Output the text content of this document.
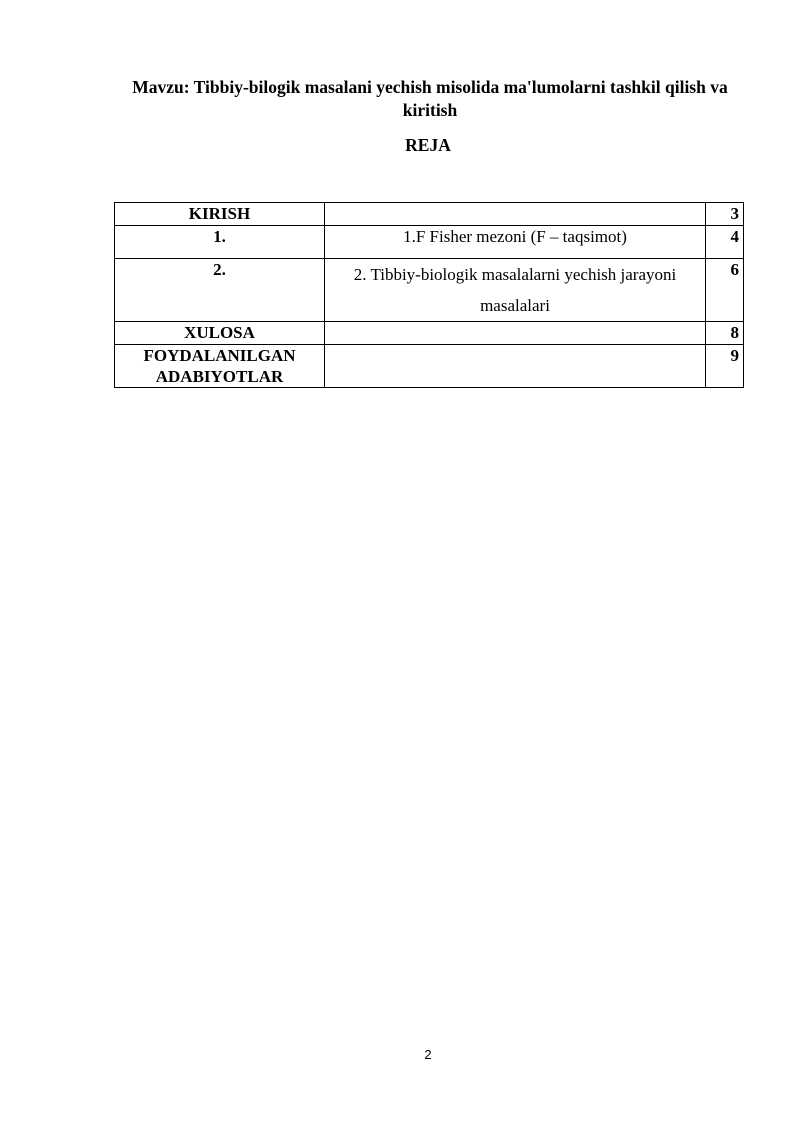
Mavzu: Tibbiy-bilogik masalani yechish misolida ma'lumolarni tashkil qilish va kiritish
REJA
KIRISH		3
1.	1.F Fisher mezoni (F – taqsimot)	4
2.	2. Tibbiy-biologik masalalarni yechish jarayoni masalalari	6
XULOSA		8
FOYDALANILGAN ADABIYOTLAR		9
2
